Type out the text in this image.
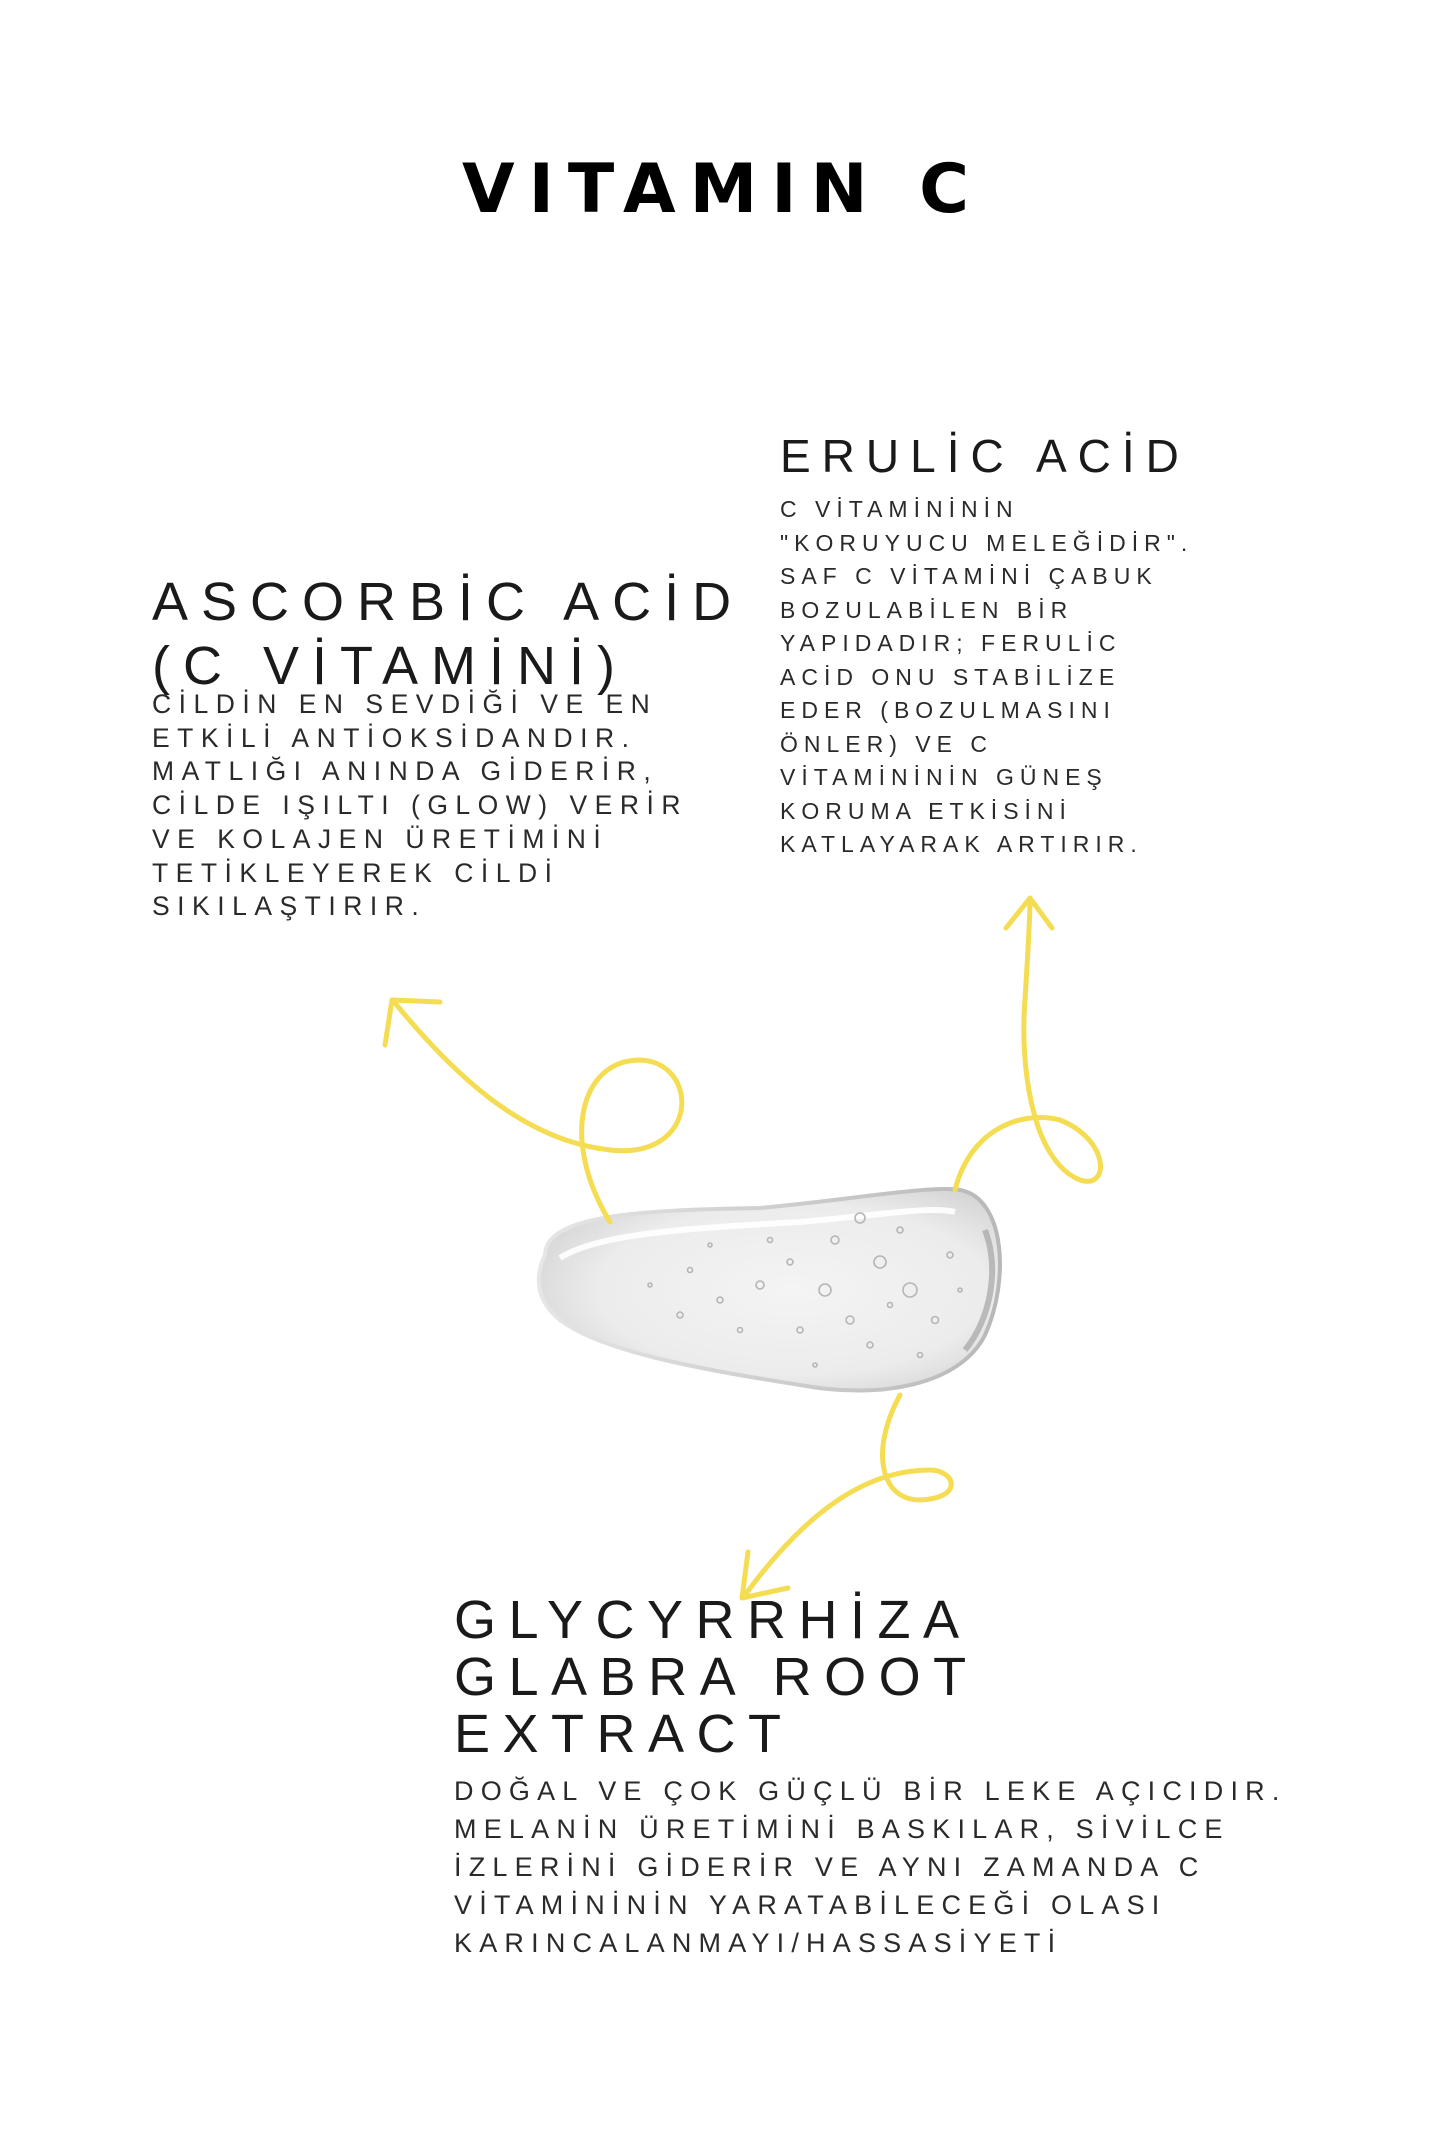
VITAMIN C
ASCORBİC ACİD (C VİTAMİNİ)
CİLDİN EN SEVDİĞİ VE EN ETKİLİ ANTİOKSİDANDIR. MATLIĞI ANINDA GİDERİR, CİLDE IŞILTI (GLOW) VERİR VE KOLAJEN ÜRETİMİNİ TETİKLEYEREK CİLDİ SIKILAŞTIRIR.
ERULİC ACİD
C VİTAMİNİNİN "KORUYUCU MELEĞİDİR". SAF C VİTAMİNİ ÇABUK BOZULABİLEN BİR YAPIDADIR; FERULİC ACİD ONU STABİLİZE EDER (BOZULMASINI ÖNLER) VE C VİTAMİNİNİN GÜNEŞ KORUMA ETKİSİNİ KATLAYARAK ARTIRIR.
GLYCYRRHİZA GLABRA ROOT EXTRACT
DOĞAL VE ÇOK GÜÇLÜ BİR LEKE AÇICIDIR. MELANİN ÜRETİMİNİ BASKILAR, SİVİLCE İZLERİNİ GİDERİR VE AYNI ZAMANDA C VİTAMİNİNİN YARATABİLECEĞİ OLASI KARINCALANMAYI/HASSASİYETİ
